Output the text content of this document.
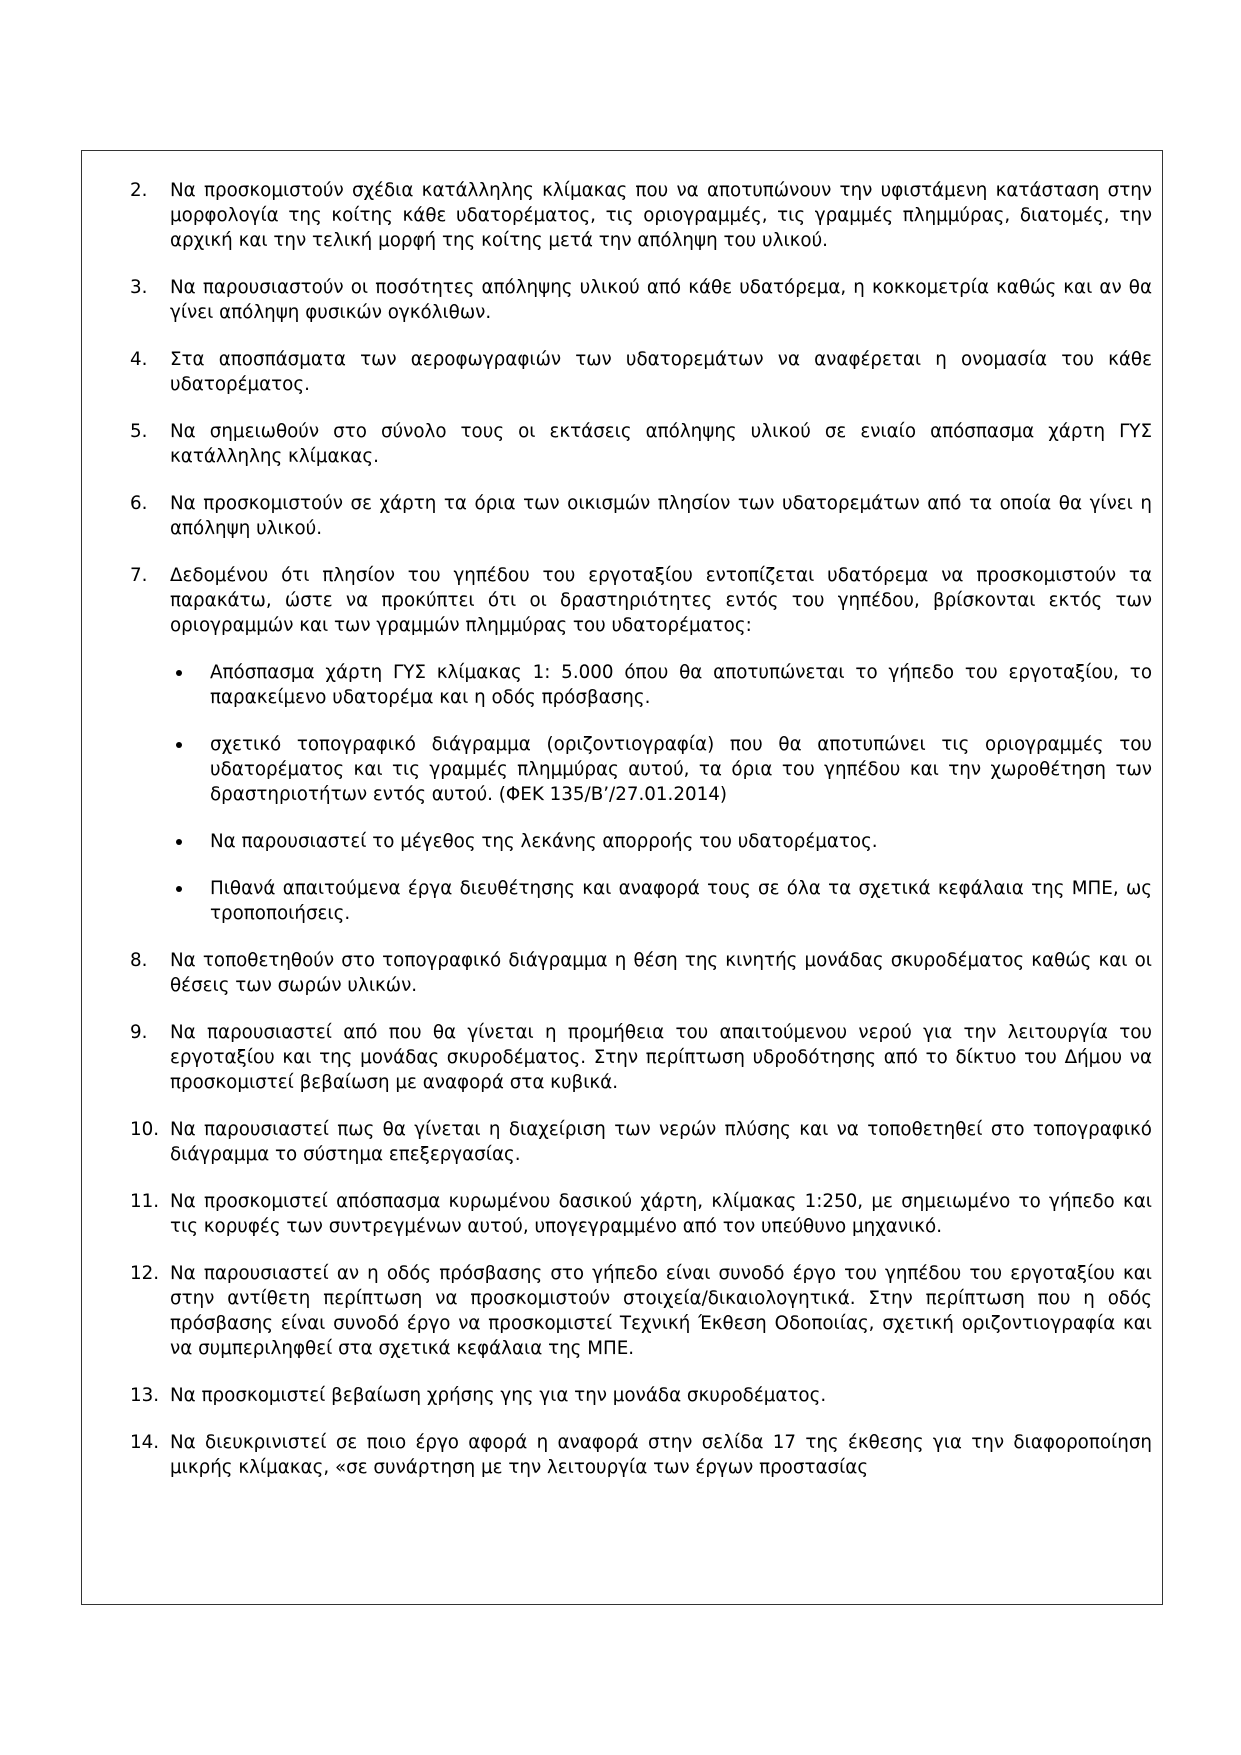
2. Να προσκομιστούν σχέδια κατάλληλης κλίμακας που να αποτυπώνουν την υφιστάμενη κατάσταση στην μορφολογία της κοίτης κάθε υδατορέματος, τις οριογραμμές, τις γραμμές πλημμύρας, διατομές, την αρχική και την τελική μορφή της κοίτης μετά την απόληψη του υλικού.
3. Να παρουσιαστούν οι ποσότητες απόληψης υλικού από κάθε υδατόρεμα, η κοκκομετρία καθώς και αν θα γίνει απόληψη φυσικών ογκόλιθων.
4. Στα αποσπάσματα των αεροφωγραφιών των υδατορεμάτων να αναφέρεται η ονομασία του κάθε υδατορέματος.
5. Να σημειωθούν στο σύνολο τους οι εκτάσεις απόληψης υλικού σε ενιαίο απόσπασμα χάρτη ΓΥΣ κατάλληλης κλίμακας.
6. Να προσκομιστούν σε χάρτη τα όρια των οικισμών πλησίον των υδατορεμάτων από τα οποία θα γίνει η απόληψη υλικού.
7. Δεδομένου ότι πλησίον του γηπέδου του εργοταξίου εντοπίζεται υδατόρεμα να προσκομιστούν τα παρακάτω, ώστε να προκύπτει ότι οι δραστηριότητες εντός του γηπέδου, βρίσκονται εκτός των οριογραμμών και των γραμμών πλημμύρας του υδατορέματος:
Απόσπασμα χάρτη ΓΥΣ κλίμακας 1: 5.000 όπου θα αποτυπώνεται το γήπεδο του εργοταξίου, το παρακείμενο υδατορέμα και η οδός πρόσβασης.
σχετικό τοπογραφικό διάγραμμα (οριζοντιογραφία) που θα αποτυπώνει τις οριογραμμές του υδατορέματος και τις γραμμές πλημμύρας αυτού, τα όρια του γηπέδου και την χωροθέτηση των δραστηριοτήτων εντός αυτού. (ΦΕΚ 135/Β’/27.01.2014)
Να παρουσιαστεί το μέγεθος της λεκάνης απορροής του υδατορέματος.
Πιθανά απαιτούμενα έργα διευθέτησης και αναφορά τους σε όλα τα σχετικά κεφάλαια της ΜΠΕ, ως τροποποιήσεις.
8. Να τοποθετηθούν στο τοπογραφικό διάγραμμα η θέση της κινητής μονάδας σκυροδέματος καθώς και οι θέσεις των σωρών υλικών.
9. Να παρουσιαστεί από που θα γίνεται η προμήθεια του απαιτούμενου νερού για την λειτουργία του εργοταξίου και της μονάδας σκυροδέματος. Στην περίπτωση υδροδότησης από το δίκτυο του Δήμου να προσκομιστεί βεβαίωση με αναφορά στα κυβικά.
10. Να παρουσιαστεί πως θα γίνεται η διαχείριση των νερών πλύσης και να τοποθετηθεί στο τοπογραφικό διάγραμμα το σύστημα επεξεργασίας.
11. Να προσκομιστεί απόσπασμα κυρωμένου δασικού χάρτη, κλίμακας 1:250, με σημειωμένο το γήπεδο και τις κορυφές των συντρεγμένων αυτού, υπογεγραμμένο από τον υπεύθυνο μηχανικό.
12. Να παρουσιαστεί αν η οδός πρόσβασης στο γήπεδο είναι συνοδό έργο του γηπέδου του εργοταξίου και στην αντίθετη περίπτωση να προσκομιστούν στοιχεία/δικαιολογητικά. Στην περίπτωση που η οδός πρόσβασης είναι συνοδό έργο να προσκομιστεί Τεχνική Έκθεση Οδοποιίας, σχετική οριζοντιογραφία και να συμπεριληφθεί στα σχετικά κεφάλαια της ΜΠΕ.
13. Να προσκομιστεί βεβαίωση χρήσης γης για την μονάδα σκυροδέματος.
14. Να διευκρινιστεί σε ποιο έργο αφορά η αναφορά στην σελίδα 17 της έκθεσης για την διαφοροποίηση μικρής κλίμακας, «σε συνάρτηση με την λειτουργία των έργων προστασίας
